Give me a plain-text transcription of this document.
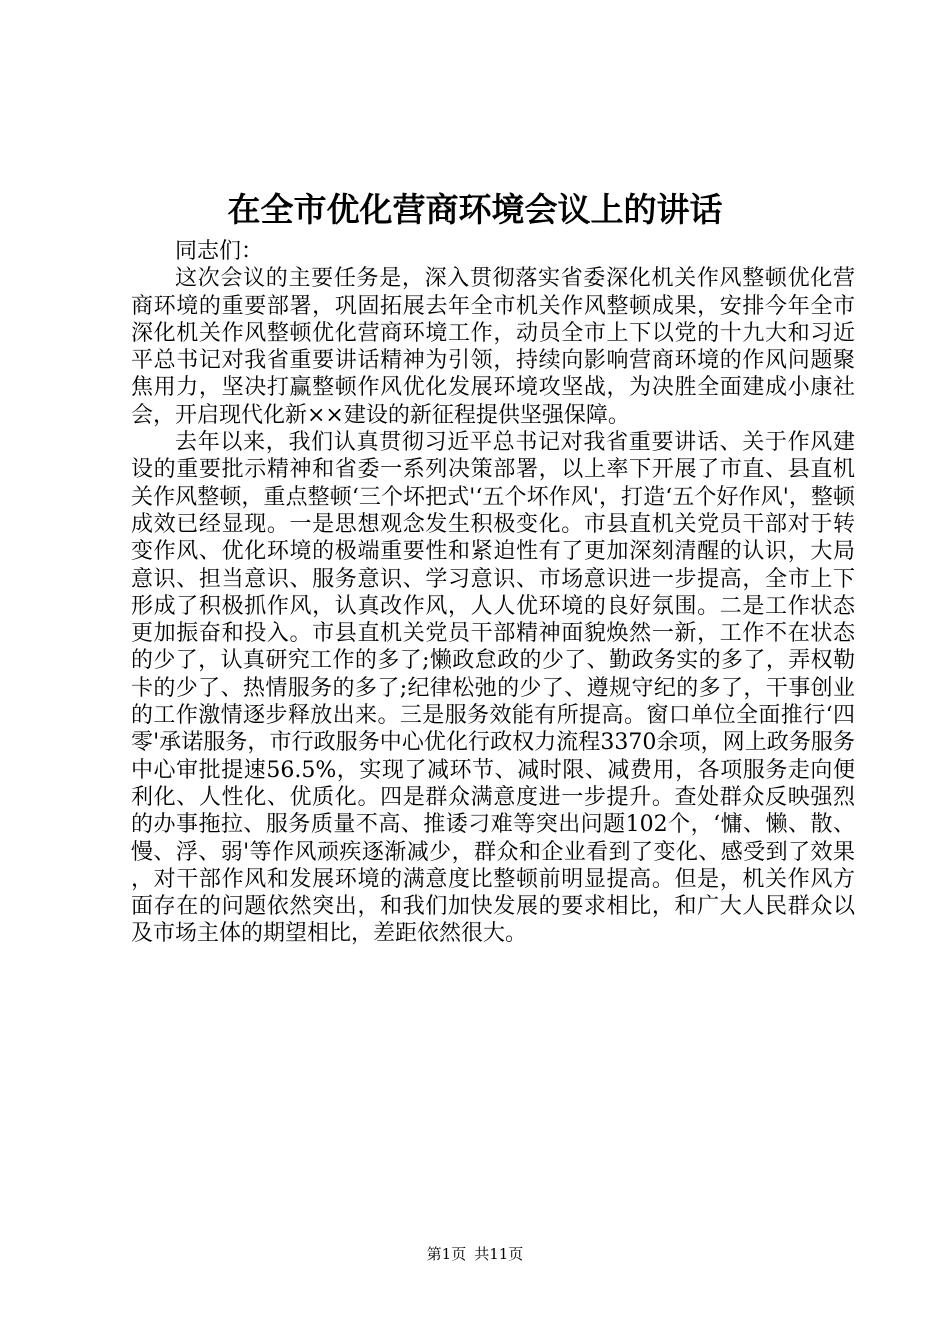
在全市优化营商环境会议上的讲话

同志们：

这次会议的主要任务是，深入贯彻落实省委深化机关作风整顿优化营商环境的重要部署，巩固拓展去年全市机关作风整顿成果，安排今年全市深化机关作风整顿优化营商环境工作，动员全市上下以党的十九大和习近平总书记对我省重要讲话精神为引领，持续向影响营商环境的作风问题聚焦用力，坚决打赢整顿作风优化发展环境攻坚战，为决胜全面建成小康社会，开启现代化新××建设的新征程提供坚强保障。

去年以来，我们认真贯彻习近平总书记对我省重要讲话、关于作风建设的重要批示精神和省委一系列决策部署，以上率下开展了市直、县直机关作风整顿，重点整顿‘三个坏把式'‘五个坏作风'，打造‘五个好作风'，整顿成效已经显现。一是思想观念发生积极变化。市县直机关党员干部对于转变作风、优化环境的极端重要性和紧迫性有了更加深刻清醒的认识，大局意识、担当意识、服务意识、学习意识、市场意识进一步提高，全市上下形成了积极抓作风，认真改作风，人人优环境的良好氛围。二是工作状态更加振奋和投入。市县直机关党员干部精神面貌焕然一新，工作不在状态的少了，认真研究工作的多了;懒政怠政的少了、勤政务实的多了，弄权勒卡的少了、热情服务的多了;纪律松弛的少了、遵规守纪的多了，干事创业的工作激情逐步释放出来。三是服务效能有所提高。窗口单位全面推行‘四零'承诺服务，市行政服务中心优化行政权力流程3370余项，网上政务服务中心审批提速56.5%，实现了减环节、减时限、减费用，各项服务走向便利化、人性化、优质化。四是群众满意度进一步提升。查处群众反映强烈的办事拖拉、服务质量不高、推诿刁难等突出问题102个，‘慵、懒、散、慢、浮、弱'等作风顽疾逐渐减少，群众和企业看到了变化、感受到了效果，对干部作风和发展环境的满意度比整顿前明显提高。但是，机关作风方面存在的问题依然突出，和我们加快发展的要求相比，和广大人民群众以及市场主体的期望相比，差距依然很大。

第1页 共11页
